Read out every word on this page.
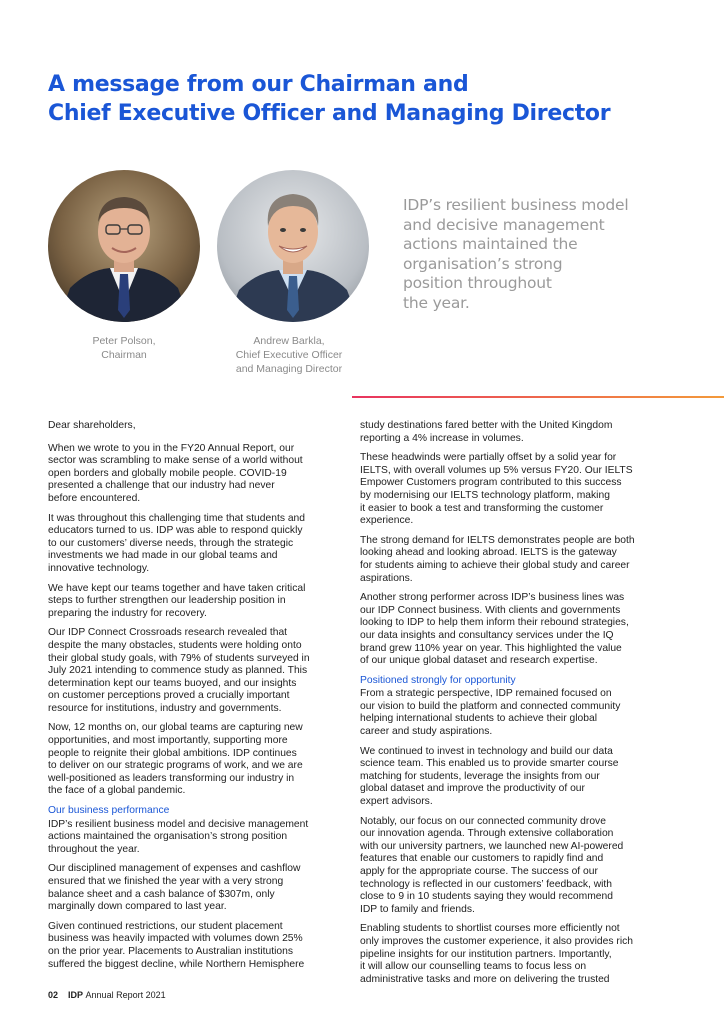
A message from our Chairman and
Chief Executive Officer and Managing Director
Peter Polson,
Chairman
Andrew Barkla,
Chief Executive Officer
and Managing Director
IDP’s resilient business model
and decisive management
actions maintained the
organisation’s strong
position throughout
the year.

Dear shareholders,

When we wrote to you in the FY20 Annual Report, our
sector was scrambling to make sense of a world without
open borders and globally mobile people. COVID-19
presented a challenge that our industry had never
before encountered.

It was throughout this challenging time that students and
educators turned to us. IDP was able to respond quickly
to our customers’ diverse needs, through the strategic
investments we had made in our global teams and
innovative technology.

We have kept our teams together and have taken critical
steps to further strengthen our leadership position in
preparing the industry for recovery.

Our IDP Connect Crossroads research revealed that
despite the many obstacles, students were holding onto
their global study goals, with 79% of students surveyed in
July 2021 intending to commence study as planned. This
determination kept our teams buoyed, and our insights
on customer perceptions proved a crucially important
resource for institutions, industry and governments.

Now, 12 months on, our global teams are capturing new
opportunities, and most importantly, supporting more
people to reignite their global ambitions. IDP continues
to deliver on our strategic programs of work, and we are
well-positioned as leaders transforming our industry in
the face of a global pandemic.

Our business performance

IDP’s resilient business model and decisive management
actions maintained the organisation’s strong position
throughout the year.

Our disciplined management of expenses and cashflow
ensured that we finished the year with a very strong
balance sheet and a cash balance of $307m, only
marginally down compared to last year.

Given continued restrictions, our student placement
business was heavily impacted with volumes down 25%
on the prior year. Placements to Australian institutions
suffered the biggest decline, while Northern Hemisphere

study destinations fared better with the United Kingdom
reporting a 4% increase in volumes.

These headwinds were partially offset by a solid year for
IELTS, with overall volumes up 5% versus FY20. Our IELTS
Empower Customers program contributed to this success
by modernising our IELTS technology platform, making
it easier to book a test and transforming the customer
experience.

The strong demand for IELTS demonstrates people are both
looking ahead and looking abroad. IELTS is the gateway
for students aiming to achieve their global study and career
aspirations.

Another strong performer across IDP’s business lines was
our IDP Connect business. With clients and governments
looking to IDP to help them inform their rebound strategies,
our data insights and consultancy services under the IQ
brand grew 110% year on year. This highlighted the value
of our unique global dataset and research expertise.

Positioned strongly for opportunity

From a strategic perspective, IDP remained focused on
our vision to build the platform and connected community
helping international students to achieve their global
career and study aspirations.

We continued to invest in technology and build our data
science team. This enabled us to provide smarter course
matching for students, leverage the insights from our
global dataset and improve the productivity of our
expert advisors.

Notably, our focus on our connected community drove
our innovation agenda. Through extensive collaboration
with our university partners, we launched new AI-powered
features that enable our customers to rapidly find and
apply for the appropriate course. The success of our
technology is reflected in our customers’ feedback, with
close to 9 in 10 students saying they would recommend
IDP to family and friends.

Enabling students to shortlist courses more efficiently not
only improves the customer experience, it also provides rich
pipeline insights for our institution partners. Importantly,
it will allow our counselling teams to focus less on
administrative tasks and more on delivering the trusted

02 IDP Annual Report 2021
